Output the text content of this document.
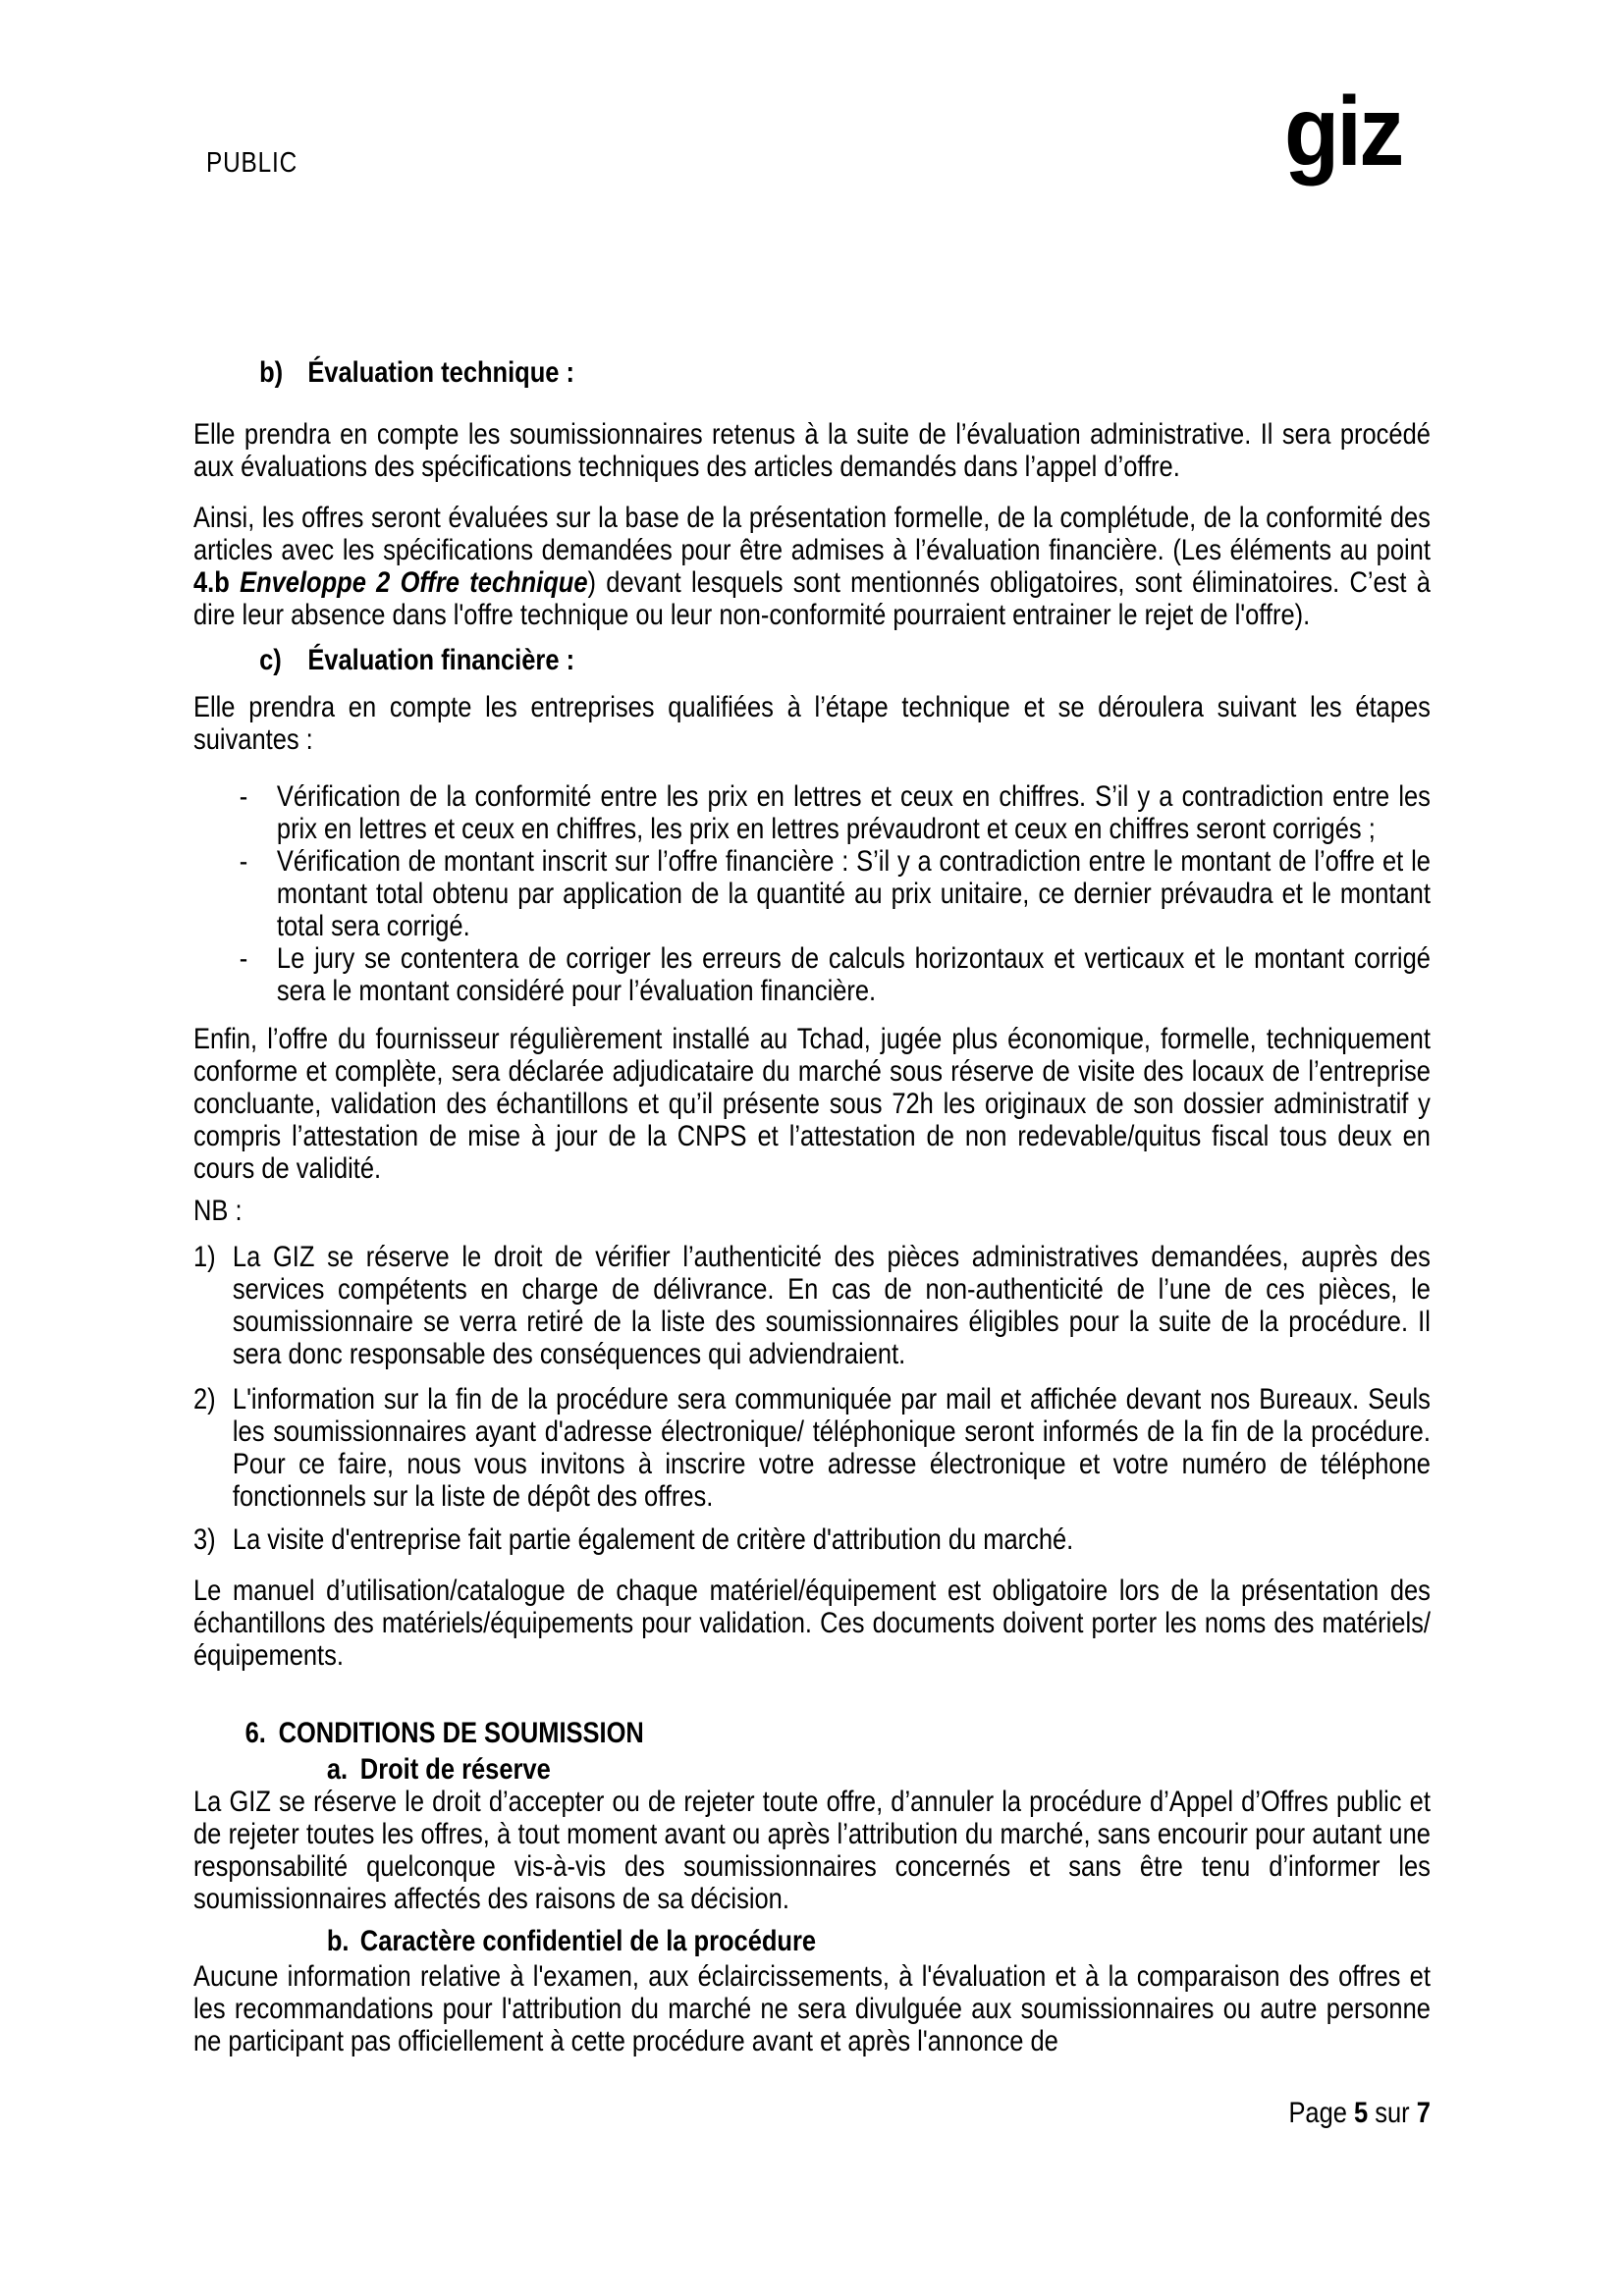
PUBLIC	giz
b) Évaluation technique :

Elle prendra en compte les soumissionnaires retenus à la suite de l’évaluation administrative. Il sera procédé aux évaluations des spécifications techniques des articles demandés dans l’appel d’offre.

Ainsi, les offres seront évaluées sur la base de la présentation formelle, de la complétude, de la conformité des articles avec les spécifications demandées pour être admises à l’évaluation financière. (Les éléments au point 4.b Enveloppe 2 Offre technique) devant lesquels sont mentionnés obligatoires, sont éliminatoires. C’est à dire leur absence dans l'offre technique ou leur non-conformité pourraient entrainer le rejet de l'offre).

c) Évaluation financière :

Elle prendra en compte les entreprises qualifiées à l’étape technique et se déroulera suivant les étapes suivantes :

- Vérification de la conformité entre les prix en lettres et ceux en chiffres. S’il y a contradiction entre les prix en lettres et ceux en chiffres, les prix en lettres prévaudront et ceux en chiffres seront corrigés ;
- Vérification de montant inscrit sur l’offre financière : S’il y a contradiction entre le montant de l’offre et le montant total obtenu par application de la quantité au prix unitaire, ce dernier prévaudra et le montant total sera corrigé.
- Le jury se contentera de corriger les erreurs de calculs horizontaux et verticaux et le montant corrigé sera le montant considéré pour l’évaluation financière.

Enfin, l’offre du fournisseur régulièrement installé au Tchad, jugée plus économique, formelle, techniquement conforme et complète, sera déclarée adjudicataire du marché sous réserve de visite des locaux de l’entreprise concluante, validation des échantillons et qu’il présente sous 72h les originaux de son dossier administratif y compris l’attestation de mise à jour de la CNPS et l’attestation de non redevable/quitus fiscal tous deux en cours de validité.

NB :

1) La GIZ se réserve le droit de vérifier l’authenticité des pièces administratives demandées, auprès des services compétents en charge de délivrance. En cas de non-authenticité de l’une de ces pièces, le soumissionnaire se verra retiré de la liste des soumissionnaires éligibles pour la suite de la procédure. Il sera donc responsable des conséquences qui adviendraient.
2) L'information sur la fin de la procédure sera communiquée par mail et affichée devant nos Bureaux. Seuls les soumissionnaires ayant d'adresse électronique/ téléphonique seront informés de la fin de la procédure. Pour ce faire, nous vous invitons à inscrire votre adresse électronique et votre numéro de téléphone fonctionnels sur la liste de dépôt des offres.
3) La visite d'entreprise fait partie également de critère d'attribution du marché.

Le manuel d’utilisation/catalogue de chaque matériel/équipement est obligatoire lors de la présentation des échantillons des matériels/équipements pour validation. Ces documents doivent porter les noms des matériels/équipements.

6. CONDITIONS DE SOUMISSION
a. Droit de réserve

La GIZ se réserve le droit d’accepter ou de rejeter toute offre, d’annuler la procédure d’Appel d’Offres public et de rejeter toutes les offres, à tout moment avant ou après l’attribution du marché, sans encourir pour autant une responsabilité quelconque vis-à-vis des soumissionnaires concernés et sans être tenu d’informer les soumissionnaires affectés des raisons de sa décision.

b. Caractère confidentiel de la procédure

Aucune information relative à l'examen, aux éclaircissements, à l'évaluation et à la comparaison des offres et les recommandations pour l'attribution du marché ne sera divulguée aux soumissionnaires ou autre personne ne participant pas officiellement à cette procédure avant et après l'annonce de

Page 5 sur 7
